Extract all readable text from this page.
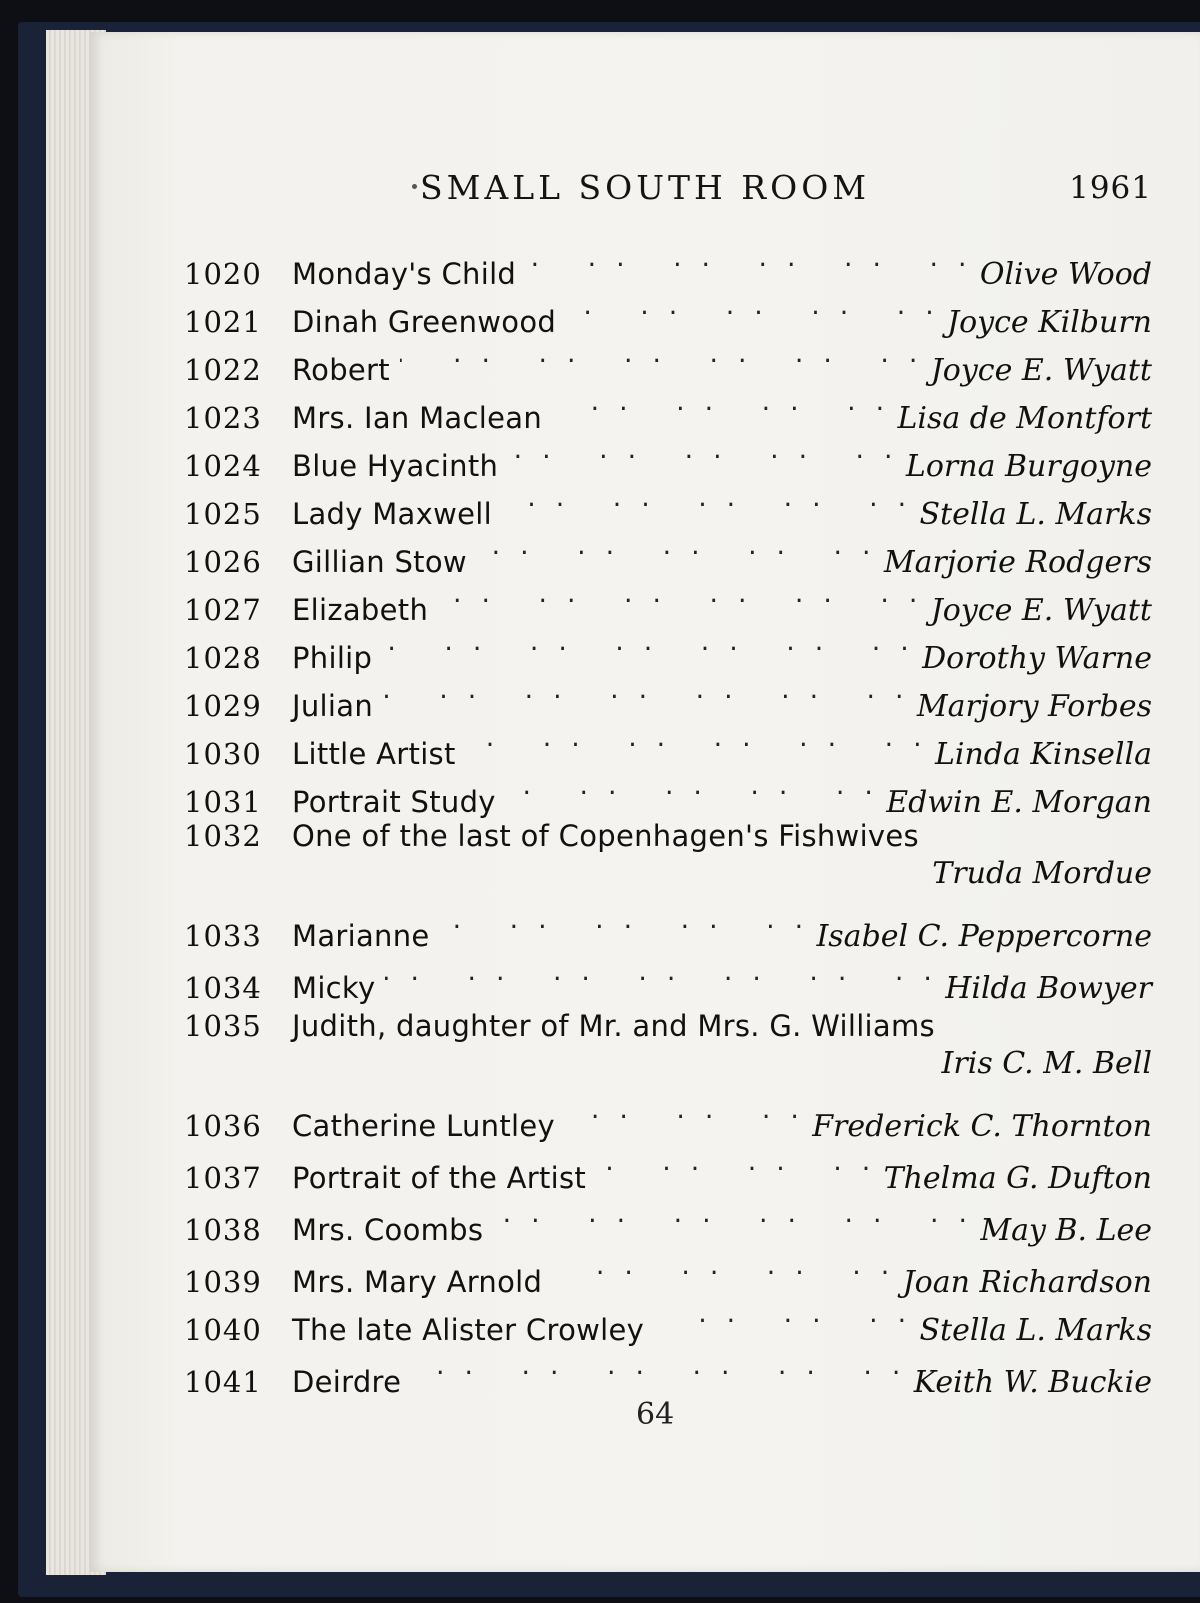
SMALL SOUTH ROOM	1961
1020	Monday's Child . .	Olive Wood
1021	Dinah Greenwood . .	Joyce Kilburn
1022	Robert . .	Joyce E. Wyatt
1023	Mrs. Ian Maclean . .	Lisa de Montfort
1024	Blue Hyacinth . .	Lorna Burgoyne
1025	Lady Maxwell . .	Stella L. Marks
1026	Gillian Stow . .	Marjorie Rodgers
1027	Elizabeth . .	Joyce E. Wyatt
1028	Philip . .	Dorothy Warne
1029	Julian . .	Marjory Forbes
1030	Little Artist . .	Linda Kinsella
1031	Portrait Study . .	Edwin E. Morgan
1032	One of the last of Copenhagen's Fishwives
Truda Mordue
1033	Marianne . .	Isabel C. Peppercorne
1034	Micky . .	Hilda Bowyer
1035	Judith, daughter of Mr. and Mrs. G. Williams
Iris C. M. Bell
1036	Catherine Luntley . .	Frederick C. Thornton
1037	Portrait of the Artist . .	Thelma G. Dufton
1038	Mrs. Coombs . .	May B. Lee
1039	Mrs. Mary Arnold . .	Joan Richardson
1040	The late Alister Crowley . .	Stella L. Marks
1041	Deirdre . .	Keith W. Buckie
64
